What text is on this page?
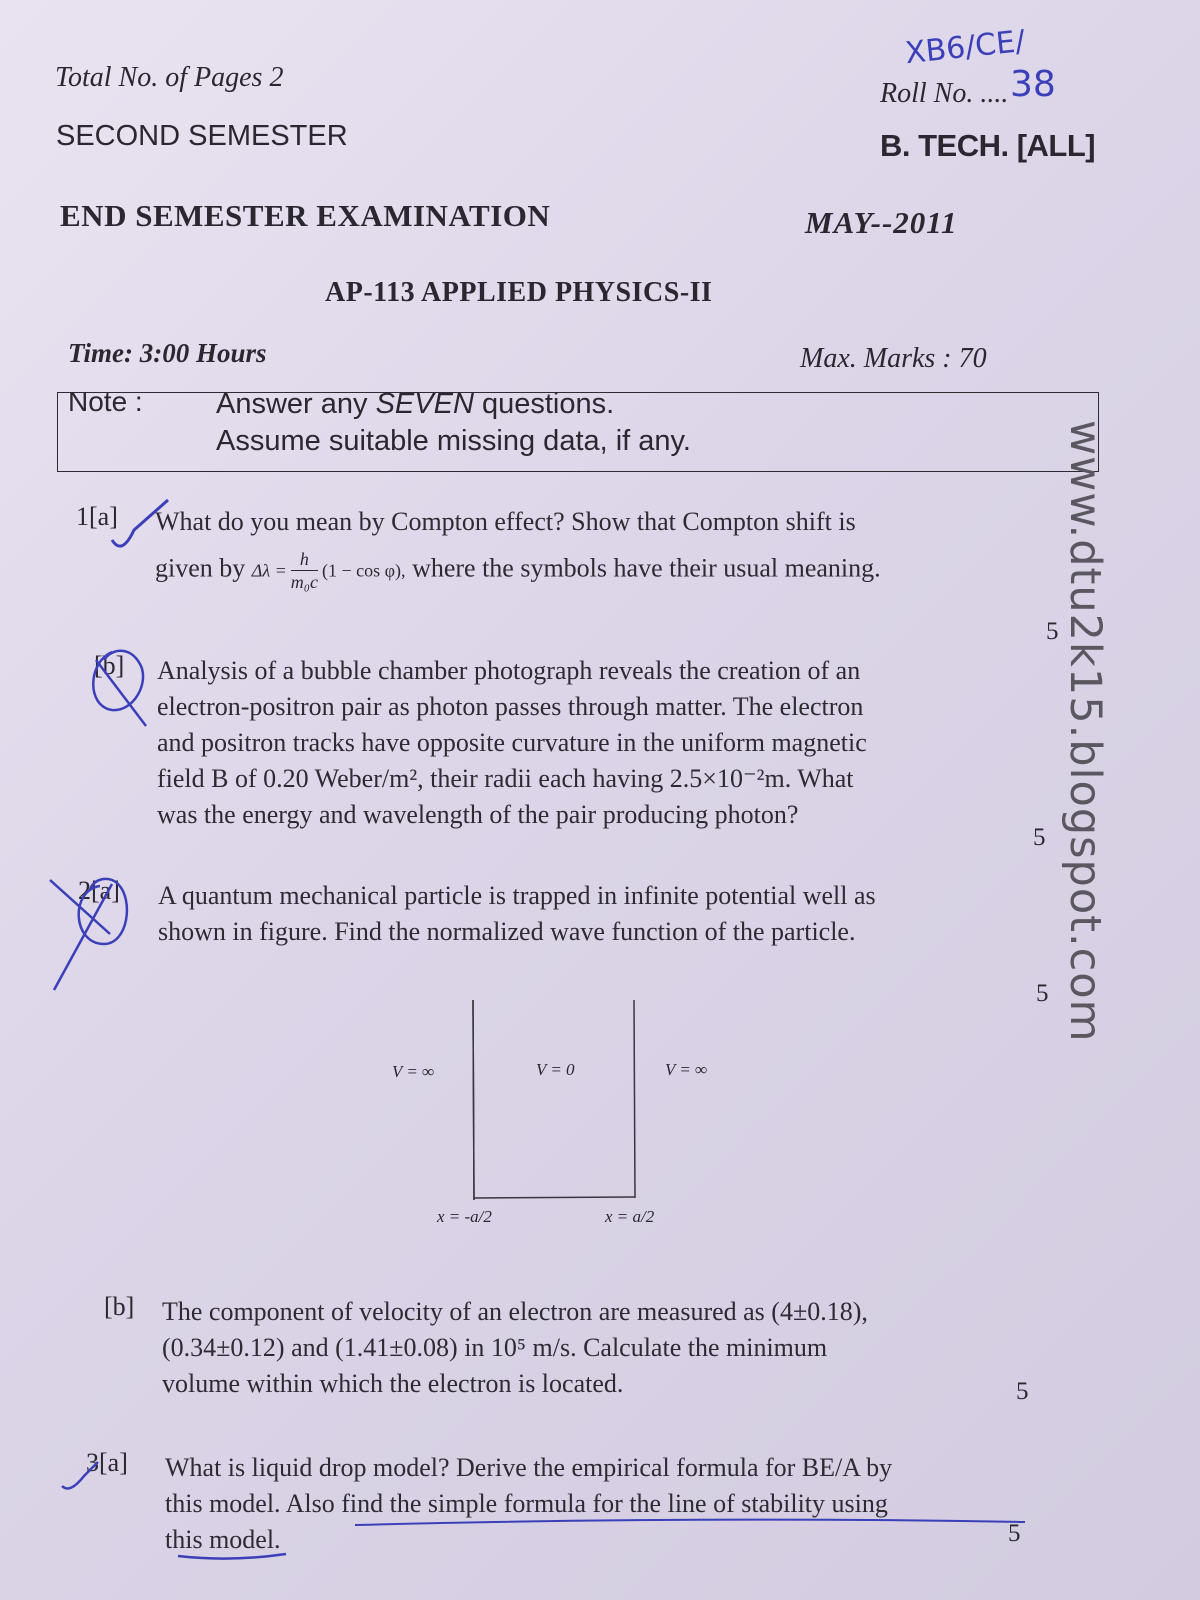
Total No. of Pages 2
SECOND SEMESTER
XB6/CE/
Roll No. .... 38
B. TECH. [ALL]
END SEMESTER EXAMINATION	MAY--2011
AP-113 APPLIED PHYSICS-II
Time: 3:00 Hours	Max. Marks : 70
Note :	Answer any SEVEN questions.
Assume suitable missing data, if any.
1[a] What do you mean by Compton effect? Show that Compton shift is
given by $\Delta\lambda = \frac{h}{\text{m₀c}} (1 - \cos \varphi)$, where the symbols have their usual meaning.
5
[b] Analysis of a bubble chamber photograph reveals the creation of an
electron-positron pair as photon passes through matter. The electron
and positron tracks have opposite curvature in the uniform magnetic
field B of 0.20 Weber/m², their radii each having 2.5×10⁻²m. What
was the energy and wavelength of the pair producing photon?
5
2[a] A quantum mechanical particle is trapped in infinite potential well as
shown in figure. Find the normalized wave function of the particle.
5
V = ∞	V = 0	V = ∞
x = -a/2	x = a/2
[b] The component of velocity of an electron are measured as (4±0.18),
(0.34±0.12) and (1.41±0.08) in 10⁵ m/s. Calculate the minimum
volume within which the electron is located.	5
3[a] What is liquid drop model? Derive the empirical formula for BE/A by
this model. Also find the simple formula for the line of stability using
this model.	5
www.dtu2k15.blogspot.com
